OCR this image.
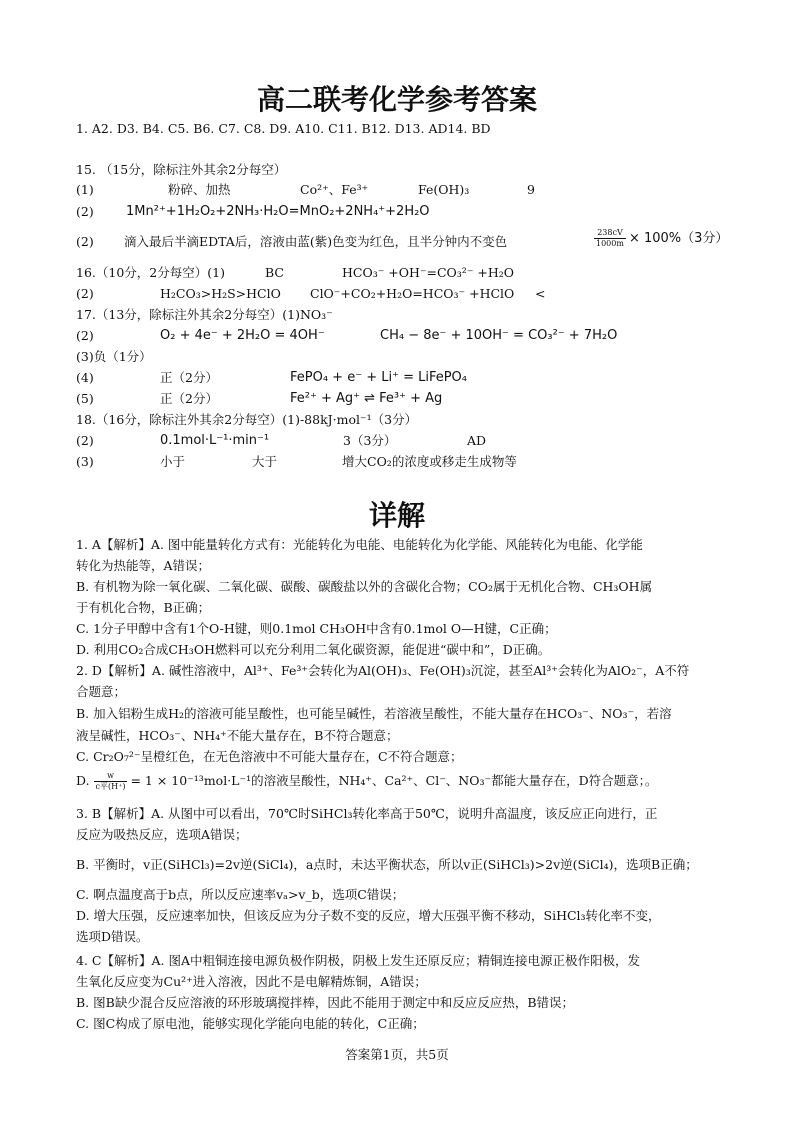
高二联考化学参考答案
1. A2. D3. B4. C5. B6. C7. C8. D9. A10. C11. B12. D13. AD14. BD
15. （15分，除标注外其余2分每空）
(1)	粉碎、加热	Co²⁺、Fe³⁺	Fe(OH)₃	9
(2) 1Mn²⁺+1H₂O₂+2NH₃·H₂O=MnO₂+2NH₄⁺+2H₂O
(2) 滴入最后半滴EDTA后，溶液由蓝(紫)色变为红色，且半分钟内不变色	$\frac{238cV}{1000m} \times 100\%(3$分）
16.（10分，2分每空）(1)	BC	HCO₃⁻ +OH⁻=CO₃²⁻ +H₂O
(2)	H₂CO₃>H₂S>HClO ClO⁻+CO₂+H₂O=HCO₃⁻ +HClO <
17.（13分，除标注外其余2分每空）(1)NO₃⁻
(2)	O₂ + 4e⁻ + 2H₂O = 4OH⁻	CH₄ − 8e⁻ + 10OH⁻ = CO₃²⁻ + 7H₂O
(3)负（1分）
(4)	正（2分）	FePO₄ + e⁻ + Li⁺ = LiFePO₄
(5)	正（2分）	Fe²⁺ + Ag⁺ ⇌ Fe³⁺ + Ag
18.（16分，除标注外其余2分每空）(1)-88kJ·mol⁻¹（3分）
(2)	0.1mol·L⁻¹·min⁻¹	3（3分）	AD
(3)	小于	大于	增大CO₂的浓度或移走生成物等
详解
1. A【解析】A. 图中能量转化方式有：光能转化为电能、电能转化为化学能、风能转化为电能、化学能
转化为热能等，A错误；
B. 有机物为除一氧化碳、二氧化碳、碳酸、碳酸盐以外的含碳化合物；CO₂属于无机化合物、CH₃OH属
于有机化合物，B正确；
C. 1分子甲醇中含有1个O-H键，则0.1mol CH₃OH中含有0.1mol O—H键，C正确；
D. 利用CO₂合成CH₃OH燃料可以充分利用二氧化碳资源，能促进“碳中和”，D正确。
2. D【解析】A. 碱性溶液中，Al³⁺、Fe³⁺会转化为Al(OH)₃、Fe(OH)₃沉淀，甚至Al³⁺会转化为AlO₂⁻，A不符
合题意；
B. 加入铝粉生成H₂的溶液可能呈酸性，也可能呈碱性，若溶液呈酸性，不能大量存在HCO₃⁻、NO₃⁻，若溶
液呈碱性，HCO₃⁻、NH₄⁺不能大量存在，B不符合题意；
C. Cr₂O₇²⁻呈橙红色，在无色溶液中不可能大量存在，C不符合题意；
D. $\frac{w}{\text{c平(H⁺)}} = 1 \times 10^{-13}mol\cdot L^{-1}$的溶液呈酸性，NH₄⁺、Ca²⁺、Cl⁻、NO₃⁻都能大量存在，D符合题意；。
3. B【解析】A. 从图中可以看出，70℃时SiHCl₃转化率高于50℃，说明升高温度，该反应正向进行，正
反应为吸热反应，选项A错误；
B. 平衡时，v正(SiHCl₃)=2v逆(SiCl₄)，a点时，未达平衡状态，所以v正(SiHCl₃)>2v逆(SiCl₄)，选项B正确；
C. 啊点温度高于b点，所以反应速率vₐ>v_b，选项C错误；
D. 增大压强，反应速率加快，但该反应为分子数不变的反应，增大压强平衡不移动，SiHCl₃转化率不变，
选项D错误。
4. C【解析】A. 图A中粗铜连接电源负极作阴极，阴极上发生还原反应；精铜连接电源正极作阳极，发
生氧化反应变为Cu²⁺进入溶液，因此不是电解精炼铜，A错误；
B. 图B缺少混合反应溶液的环形玻璃搅拌棒，因此不能用于测定中和反应反应热，B错误；
C. 图C构成了原电池，能够实现化学能向电能的转化，C正确；
答案第1页，共5页
